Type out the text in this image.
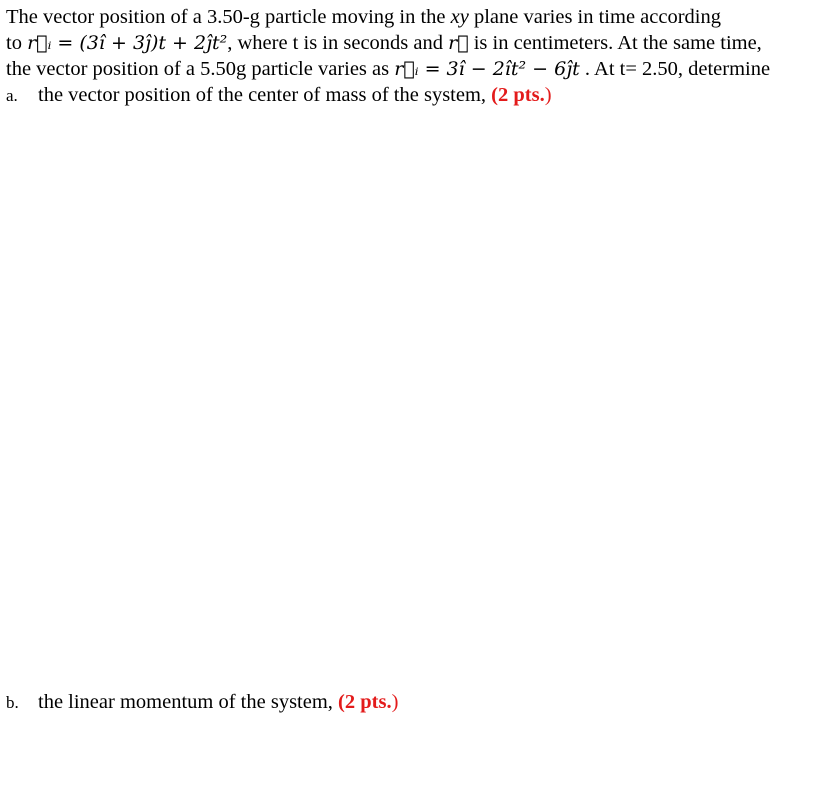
The vector position of a 3.50-g particle moving in the xy plane varies in time according
to r⃗ᵢ = (3î + 3ĵ)t + 2ĵt², where t is in seconds and r⃗ is in centimeters. At the same time,
the vector position of a 5.50g particle varies as r⃗ᵢ = 3î − 2ît² − 6ĵt . At t= 2.50, determine
a. the vector position of the center of mass of the system, (2 pts.)
b. the linear momentum of the system, (2 pts.)
